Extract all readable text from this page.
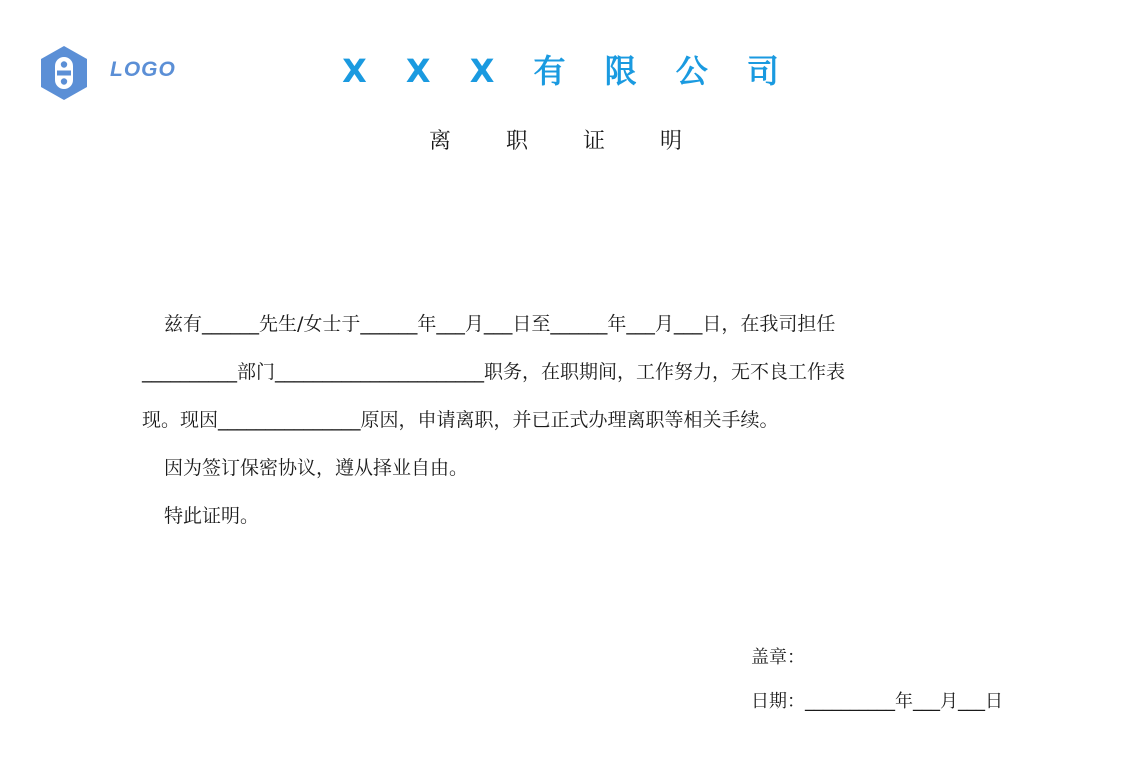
LOGO	X X X 有 限 公 司
离 职 证 明
兹有______先生/女士于______年___月___日至______年___月___日，在我司担任
__________部门______________________职务，在职期间，工作努力，无不良工作表
现。现因_______________原因，申请离职，并已正式办理离职等相关手续。
因为签订保密协议，遵从择业自由。
特此证明。
盖章：
日期：__________年___月___日
